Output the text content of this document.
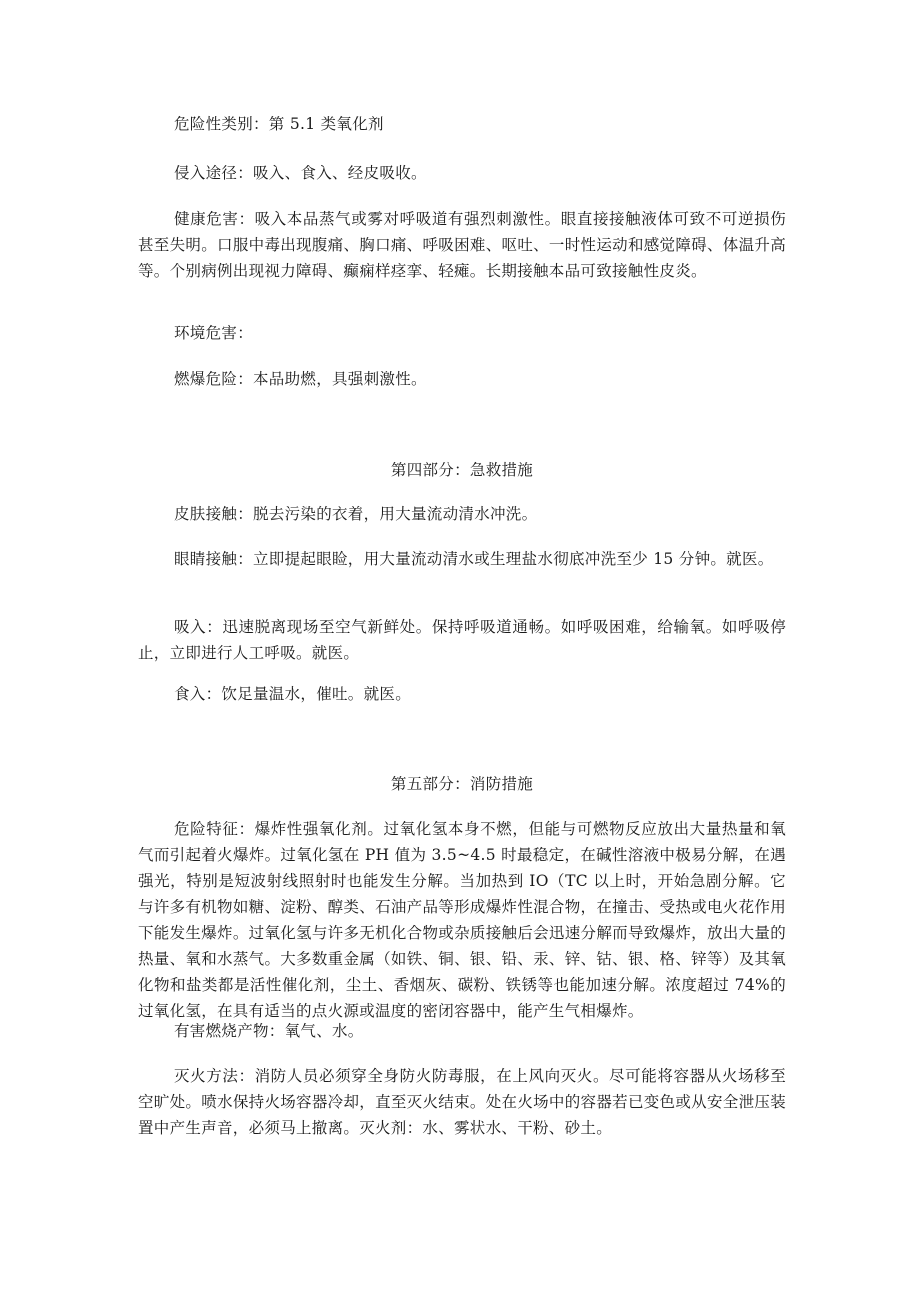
危险性类别：第 5.1 类氧化剂

侵入途径：吸入、食入、经皮吸收。

健康危害：吸入本品蒸气或雾对呼吸道有强烈刺激性。眼直接接触液体可致不可逆损伤甚至失明。口服中毒出现腹痛、胸口痛、呼吸困难、呕吐、一时性运动和感觉障碍、体温升高等。个别病例出现视力障碍、癫痫样痉挛、轻瘫。长期接触本品可致接触性皮炎。

环境危害：

燃爆危险：本品助燃，具强刺激性。

第四部分：急救措施

皮肤接触：脱去污染的衣着，用大量流动清水冲洗。

眼睛接触：立即提起眼睑，用大量流动清水或生理盐水彻底冲洗至少 15 分钟。就医。

吸入：迅速脱离现场至空气新鲜处。保持呼吸道通畅。如呼吸困难，给输氧。如呼吸停止，立即进行人工呼吸。就医。

食入：饮足量温水，催吐。就医。

第五部分：消防措施

危险特征：爆炸性强氧化剂。过氧化氢本身不燃，但能与可燃物反应放出大量热量和氧气而引起着火爆炸。过氧化氢在 PH 值为 3.5~4.5 时最稳定，在碱性溶液中极易分解，在遇强光，特别是短波射线照射时也能发生分解。当加热到 IO（TC 以上时，开始急剧分解。它与许多有机物如糖、淀粉、醇类、石油产品等形成爆炸性混合物，在撞击、受热或电火花作用下能发生爆炸。过氧化氢与许多无机化合物或杂质接触后会迅速分解而导致爆炸，放出大量的热量、氧和水蒸气。大多数重金属（如铁、铜、银、铅、汞、锌、钴、银、格、锌等）及其氧化物和盐类都是活性催化剂，尘土、香烟灰、碳粉、铁锈等也能加速分解。浓度超过 74%的过氧化氢，在具有适当的点火源或温度的密闭容器中，能产生气相爆炸。

有害燃烧产物：氧气、水。

灭火方法：消防人员必须穿全身防火防毒服，在上风向灭火。尽可能将容器从火场移至空旷处。喷水保持火场容器冷却，直至灭火结束。处在火场中的容器若已变色或从安全泄压装置中产生声音，必须马上撤离。灭火剂：水、雾状水、干粉、砂土。
